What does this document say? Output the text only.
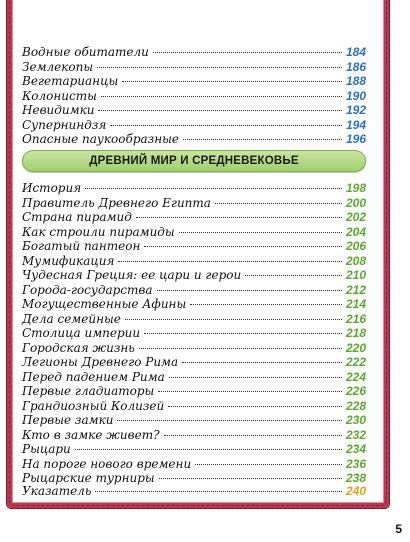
Водные обитатели	184
Землекопы	186
Вегетарианцы	188
Колонисты	190
Невидимки	192
Суперниндзя	194
Опасные паукообразные	196
ДРЕВНИЙ МИР И СРЕДНЕВЕКОВЬЕ
История	198
Правитель Древнего Египта	200
Страна пирамид	202
Как строили пирамиды	204
Богатый пантеон	206
Мумификация	208
Чудесная Греция: ее цари и герои	210
Города-государства	212
Могущественные Афины	214
Дела семейные	216
Столица империи	218
Городская жизнь	220
Легионы Древнего Рима	222
Перед падением Рима	224
Первые гладиаторы	226
Грандиозный Колизей	228
Первые замки	230
Кто в замке живет?	232
Рыцари	234
На пороге нового времени	236
Рыцарские турниры	238
Указатель	240
5
